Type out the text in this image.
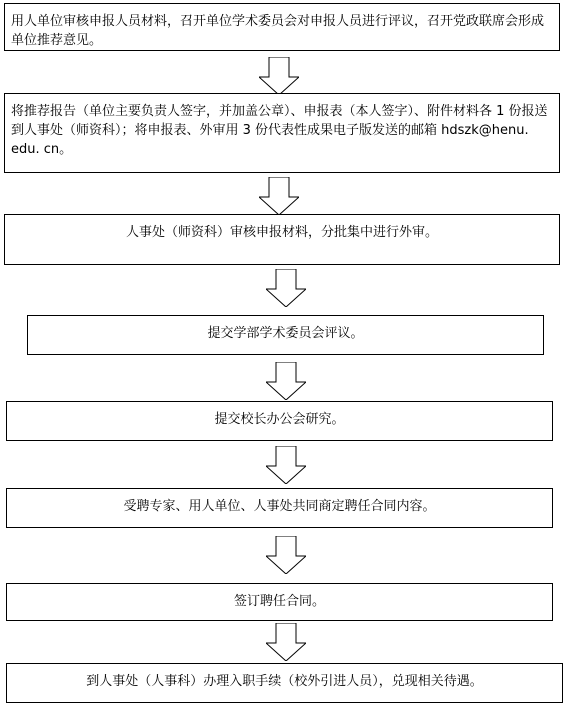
用人单位审核申报人员材料，召开单位学术委员会对申报人员进行评议，召开党政联席会形成单位推荐意见。
将推荐报告（单位主要负责人签字，并加盖公章）、申报表（本人签字）、附件材料各 1 份报送到人事处（师资科）；将申报表、外审用 3 份代表性成果电子版发送的邮箱 hdszk@henu. edu. cn。
人事处（师资科）审核申报材料，分批集中进行外审。
提交学部学术委员会评议。
提交校长办公会研究。
受聘专家、用人单位、人事处共同商定聘任合同内容。
签订聘任合同。
到人事处（人事科）办理入职手续（校外引进人员），兑现相关待遇。
